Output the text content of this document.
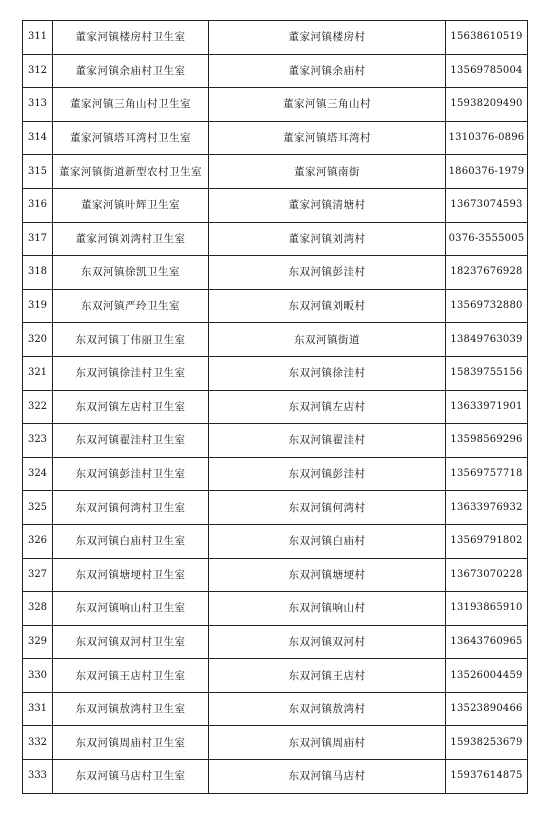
311	董家河镇楼房村卫生室	董家河镇楼房村	15638610519
312	董家河镇余庙村卫生室	董家河镇余庙村	13569785004
313	董家河镇三角山村卫生室	董家河镇三角山村	15938209490
314	董家河镇塔耳湾村卫生室	董家河镇塔耳湾村	1310376-0896
315	董家河镇街道新型农村卫生室	董家河镇南街	1860376-1979
316	董家河镇叶辉卫生室	董家河镇清塘村	13673074593
317	董家河镇刘湾村卫生室	董家河镇刘湾村	0376-3555005
318	东双河镇徐凯卫生室	东双河镇彭洼村	18237676928
319	东双河镇严玲卫生室	东双河镇刘畈村	13569732880
320	东双河镇丁伟丽卫生室	东双河镇街道	13849763039
321	东双河镇徐洼村卫生室	东双河镇徐洼村	15839755156
322	东双河镇左店村卫生室	东双河镇左店村	13633971901
323	东双河镇翟洼村卫生室	东双河镇翟洼村	13598569296
324	东双河镇彭洼村卫生室	东双河镇彭洼村	13569757718
325	东双河镇何湾村卫生室	东双河镇何湾村	13633976932
326	东双河镇白庙村卫生室	东双河镇白庙村	13569791802
327	东双河镇塘埂村卫生室	东双河镇塘埂村	13673070228
328	东双河镇响山村卫生室	东双河镇响山村	13193865910
329	东双河镇双河村卫生室	东双河镇双河村	13643760965
330	东双河镇王店村卫生室	东双河镇王店村	13526004459
331	东双河镇敖湾村卫生室	东双河镇敖湾村	13523890466
332	东双河镇周庙村卫生室	东双河镇周庙村	15938253679
333	东双河镇马店村卫生室	东双河镇马店村	15937614875
